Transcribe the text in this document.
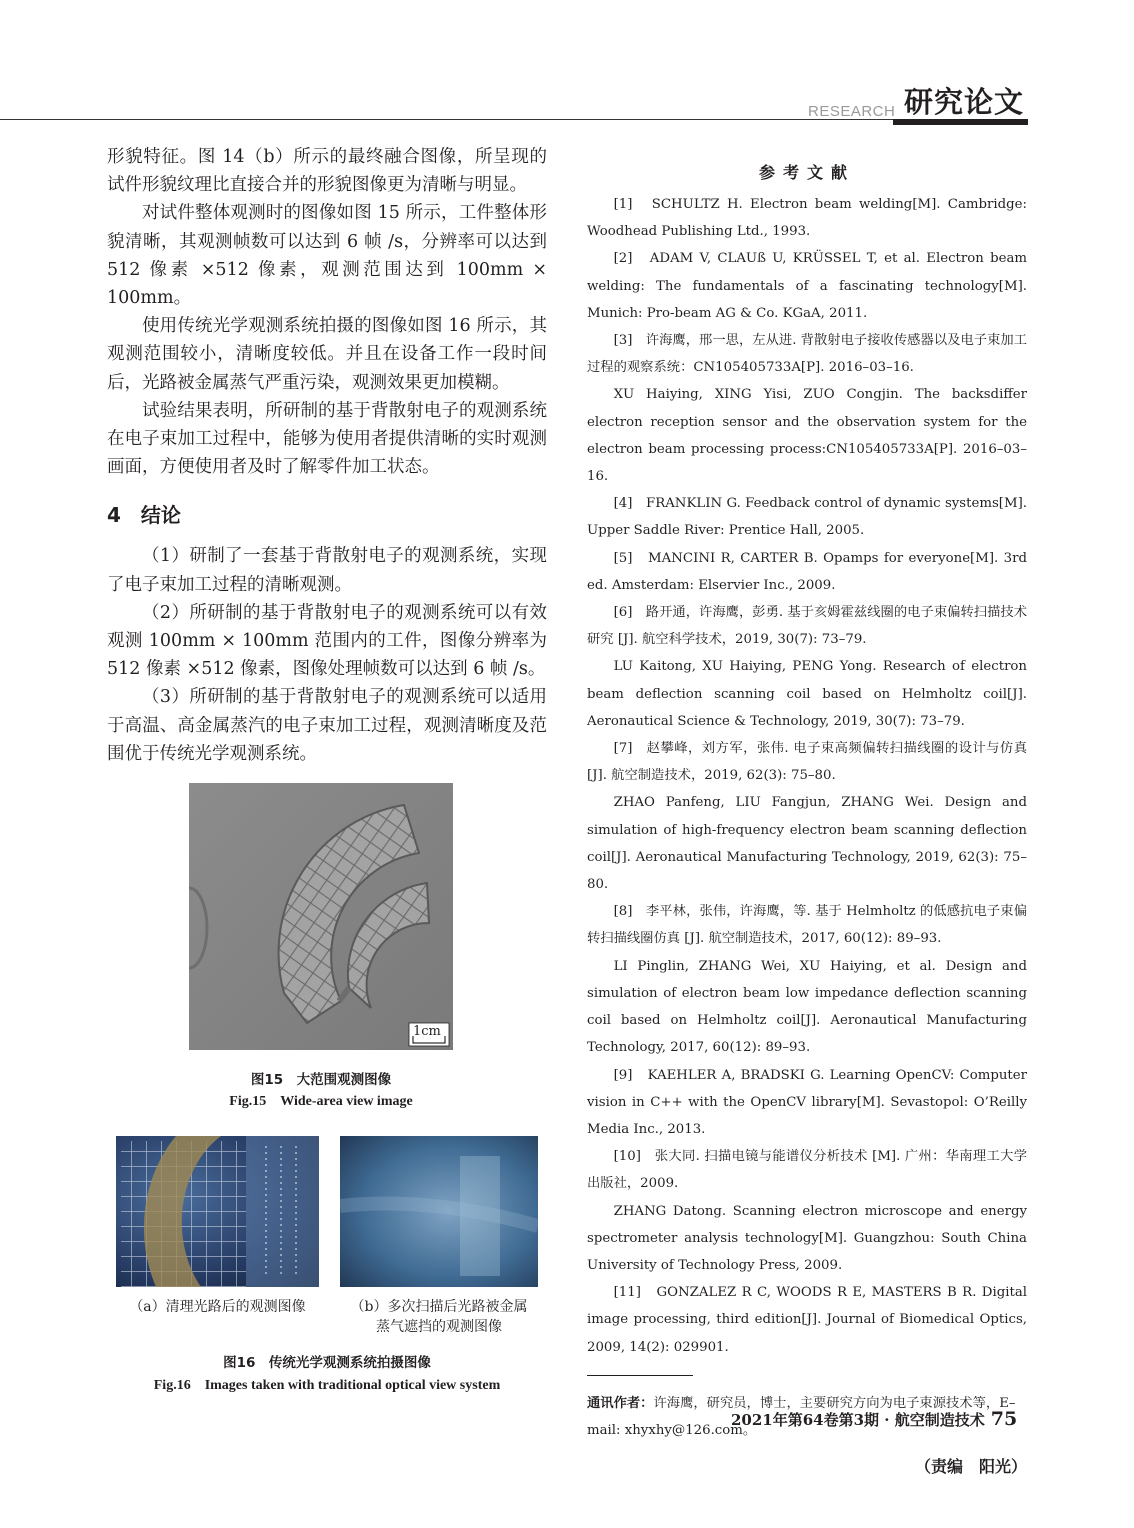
RESEARCH 研究论文

形貌特征。图 14（b）所示的最终融合图像，所呈现的试件形貌纹理比直接合并的形貌图像更为清晰与明显。

对试件整体观测时的图像如图 15 所示，工件整体形貌清晰，其观测帧数可以达到 6 帧 /s，分辨率可以达到 512 像素 ×512 像素，观测范围达到 100mm × 100mm。

使用传统光学观测系统拍摄的图像如图 16 所示，其观测范围较小，清晰度较低。并且在设备工作一段时间后，光路被金属蒸气严重污染，观测效果更加模糊。

试验结果表明，所研制的基于背散射电子的观测系统在电子束加工过程中，能够为使用者提供清晰的实时观测画面，方便使用者及时了解零件加工状态。

4　结论

（1）研制了一套基于背散射电子的观测系统，实现了电子束加工过程的清晰观测。

（2）所研制的基于背散射电子的观测系统可以有效观测 100mm × 100mm 范围内的工件，图像分辨率为 512 像素 ×512 像素，图像处理帧数可以达到 6 帧 /s。

（3）所研制的基于背散射电子的观测系统可以适用于高温、高金属蒸汽的电子束加工过程，观测清晰度及范围优于传统光学观测系统。

1cm
图15　大范围观测图像
Fig.15　Wide-area view image
（a）清理光路后的观测图像	（b）多次扫描后光路被金属
蒸气遮挡的观测图像
图16　传统光学观测系统拍摄图像
Fig.16　Images taken with traditional optical view system
参考文献

[1]　SCHULTZ H. Electron beam welding[M]. Cambridge: Woodhead Publishing Ltd., 1993.

[2]　ADAM V, CLAUß U, KRÜSSEL T, et al. Electron beam welding: The fundamentals of a fascinating technology[M]. Munich: Pro-beam AG & Co. KGaA, 2011.

[3]　许海鹰，邢一思，左从进. 背散射电子接收传感器以及电子束加工过程的观察系统：CN105405733A[P]. 2016–03–16.

XU Haiying, XING Yisi, ZUO Congjin. The backsdiffer electron reception sensor and the observation system for the electron beam processing process:CN105405733A[P]. 2016–03–16.

[4]　FRANKLIN G. Feedback control of dynamic systems[M]. Upper Saddle River: Prentice Hall, 2005.

[5]　MANCINI R, CARTER B. Opamps for everyone[M]. 3rd ed. Amsterdam: Elservier Inc., 2009.

[6]　路开通，许海鹰，彭勇. 基于亥姆霍兹线圈的电子束偏转扫描技术研究 [J]. 航空科学技术，2019, 30(7): 73–79.

LU Kaitong, XU Haiying, PENG Yong. Research of electron beam deflection scanning coil based on Helmholtz coil[J]. Aeronautical Science & Technology, 2019, 30(7): 73–79.

[7]　赵攀峰，刘方军，张伟. 电子束高频偏转扫描线圈的设计与仿真 [J]. 航空制造技术，2019, 62(3): 75–80.

ZHAO Panfeng, LIU Fangjun, ZHANG Wei. Design and simulation of high-frequency electron beam scanning deflection coil[J]. Aeronautical Manufacturing Technology, 2019, 62(3): 75–80.

[8]　李平林，张伟，许海鹰，等. 基于 Helmholtz 的低感抗电子束偏转扫描线圈仿真 [J]. 航空制造技术，2017, 60(12): 89–93.

LI Pinglin, ZHANG Wei, XU Haiying, et al. Design and simulation of electron beam low impedance deflection scanning coil based on Helmholtz coil[J]. Aeronautical Manufacturing Technology, 2017, 60(12): 89–93.

[9]　KAEHLER A, BRADSKI G. Learning OpenCV: Computer vision in C++ with the OpenCV library[M]. Sevastopol: O’Reilly Media Inc., 2013.

[10]　张大同. 扫描电镜与能谱仪分析技术 [M]. 广州：华南理工大学出版社，2009.

ZHANG Datong. Scanning electron microscope and energy spectrometer analysis technology[M]. Guangzhou: South China University of Technology Press, 2009.

[11]　GONZALEZ R C, WOODS R E, MASTERS B R. Digital image processing, third edition[J]. Journal of Biomedical Optics, 2009, 14(2): 029901.

通讯作者：许海鹰，研究员，博士，主要研究方向为电子束源技术等，E–mail: xhyxhy@126.com。

（责编　阳光）
2021年第64卷第3期 · 航空制造技术 75
